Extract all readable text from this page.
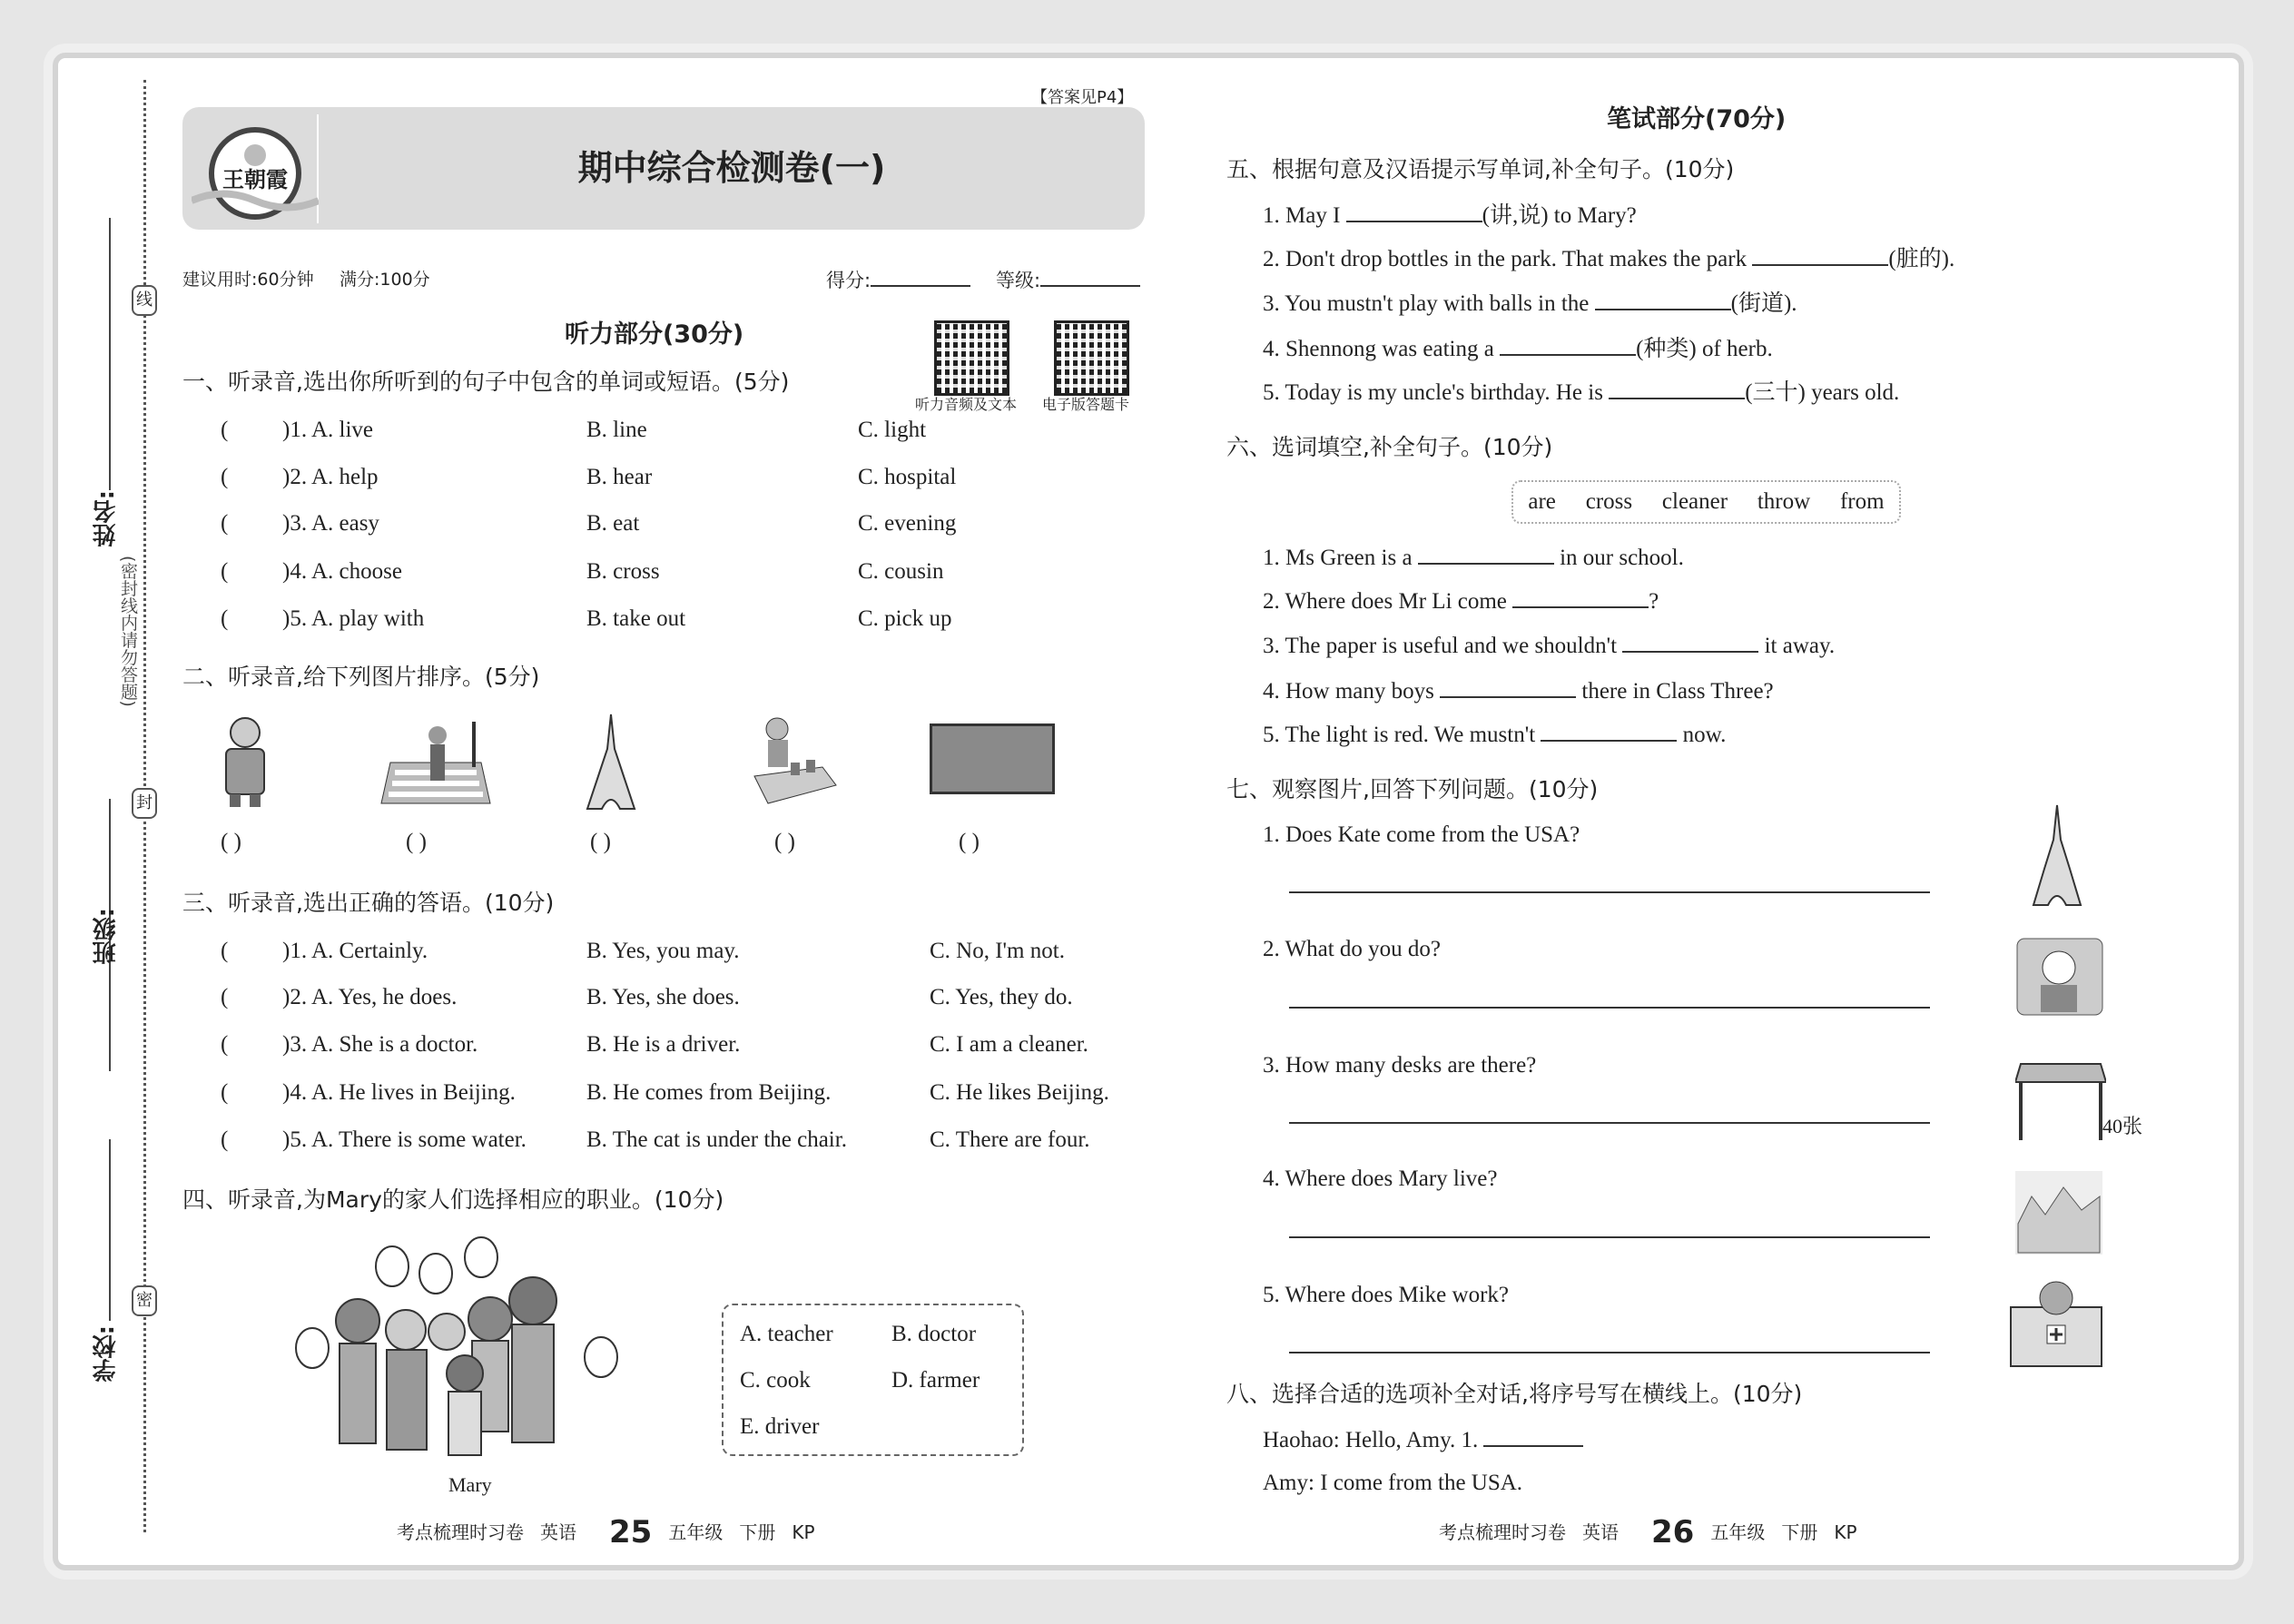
线
封
密
(密封线内请勿答题)
姓名:
班级:
学校:
【答案见P4】
王朝霞	期中综合检测卷(一)
建议用时:60分钟 满分:100分	得分:	等级:
听力部分(30分)
听力音频及文本 电子版答题卡
一、听录音,选出你所听到的句子中包含的单词或短语。(5分)
( )1. A. live	B. line	C. light
( )2. A. help	B. hear	C. hospital
( )3. A. easy	B. eat	C. evening
( )4. A. choose	B. cross	C. cousin
( )5. A. play with	B. take out	C. pick up
二、听录音,给下列图片排序。(5分)
( )	( )	( )	( )	( )
三、听录音,选出正确的答语。(10分)
( )1. A. Certainly.	B. Yes, you may.	C. No, I'm not.
( )2. A. Yes, he does.	B. Yes, she does.	C. Yes, they do.
( )3. A. She is a doctor.	B. He is a driver.	C. I am a cleaner.
( )4. A. He lives in Beijing.	B. He comes from Beijing.	C. He likes Beijing.
( )5. A. There is some water.	B. The cat is under the chair.	C. There are four.
四、听录音,为Mary的家人们选择相应的职业。(10分)
Mary
A. teacher	B. doctor
C. cook	D. farmer
E. driver
考点梳理时习卷 英语 25 五年级 下册 KP
笔试部分(70分)
五、根据句意及汉语提示写单词,补全句子。(10分)
1. May I	(讲,说) to Mary?
2. Don't drop bottles in the park. That makes the park	(脏的).
3. You mustn't play with balls in the	(街道).
4. Shennong was eating a	(种类) of herb.
5. Today is my uncle's birthday. He is	(三十) years old.
六、选词填空,补全句子。(10分)
are cross cleaner throw from
1. Ms Green is a	in our school.
2. Where does Mr Li come	?
3. The paper is useful and we shouldn't	it away.
4. How many boys	there in Class Three?
5. The light is red. We mustn't	now.
七、观察图片,回答下列问题。(10分)
1. Does Kate come from the USA?
2. What do you do?
3. How many desks are there?
4. Where does Mary live?
5. Where does Mike work?
40张
八、选择合适的选项补全对话,将序号写在横线上。(10分)
Haohao: Hello, Amy. 1.
Amy: I come from the USA.
考点梳理时习卷 英语 26 五年级 下册 KP
